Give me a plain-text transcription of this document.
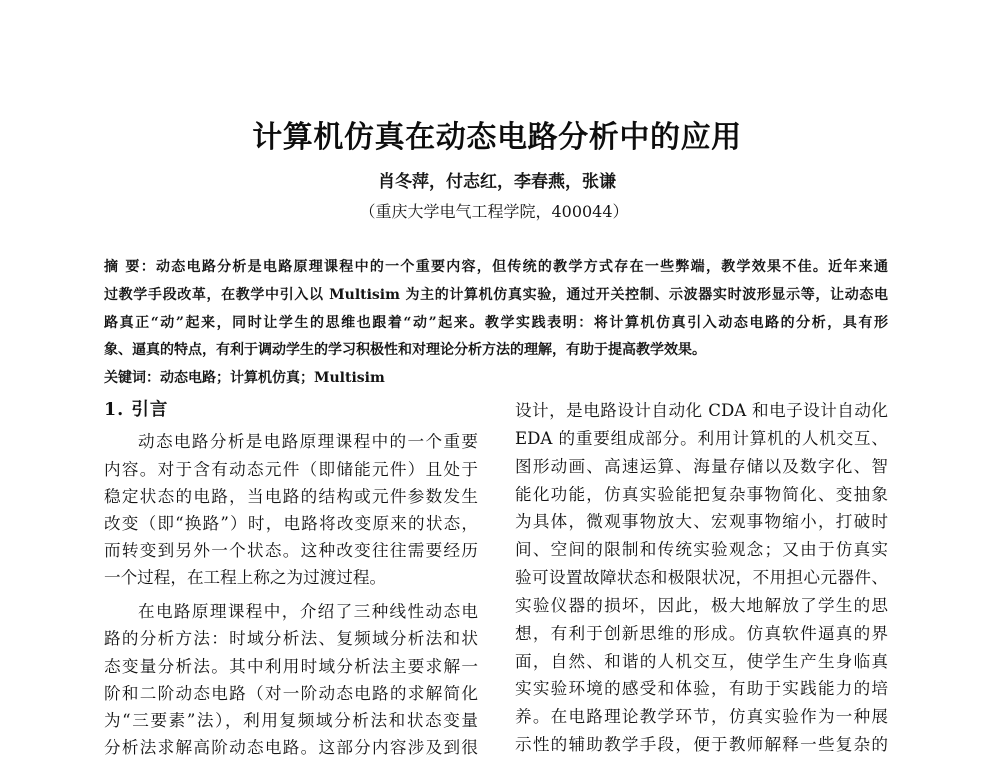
计算机仿真在动态电路分析中的应用
肖冬萍，付志红，李春燕，张谦
（重庆大学电气工程学院，400044）
摘 要：动态电路分析是电路原理课程中的一个重要内容，但传统的教学方式存在一些弊端，教学效果不佳。近年来通
过教学手段改革，在教学中引入以 Multisim 为主的计算机仿真实验，通过开关控制、示波器实时波形显示等，让动态电
路真正“动”起来，同时让学生的思维也跟着“动”起来。教学实践表明：将计算机仿真引入动态电路的分析，具有形
象、逼真的特点，有利于调动学生的学习积极性和对理论分析方法的理解，有助于提高教学效果。
关键词：动态电路；计算机仿真；Multisim
1. 引言
动态电路分析是电路原理课程中的一个重要
内容。对于含有动态元件（即储能元件）且处于
稳定状态的电路，当电路的结构或元件参数发生
改变（即“换路”）时，电路将改变原来的状态，
而转变到另外一个状态。这种改变往往需要经历
一个过程，在工程上称之为过渡过程。
在电路原理课程中，介绍了三种线性动态电
路的分析方法：时域分析法、复频域分析法和状
态变量分析法。其中利用时域分析法主要求解一
阶和二阶动态电路（对一阶动态电路的求解简化
为“三要素”法），利用复频域分析法和状态变量
分析法求解高阶动态电路。这部分内容涉及到很
设计，是电路设计自动化 CDA 和电子设计自动化
EDA 的重要组成部分。利用计算机的人机交互、
图形动画、高速运算、海量存储以及数字化、智
能化功能，仿真实验能把复杂事物简化、变抽象
为具体，微观事物放大、宏观事物缩小，打破时
间、空间的限制和传统实验观念；又由于仿真实
验可设置故障状态和极限状况，不用担心元器件、
实验仪器的损坏，因此，极大地解放了学生的思
想，有利于创新思维的形成。仿真软件逼真的界
面，自然、和谐的人机交互，使学生产生身临真
实实验环境的感受和体验，有助于实践能力的培
养。在电路理论教学环节，仿真实验作为一种展
示性的辅助教学手段，便于教师解释一些复杂的
